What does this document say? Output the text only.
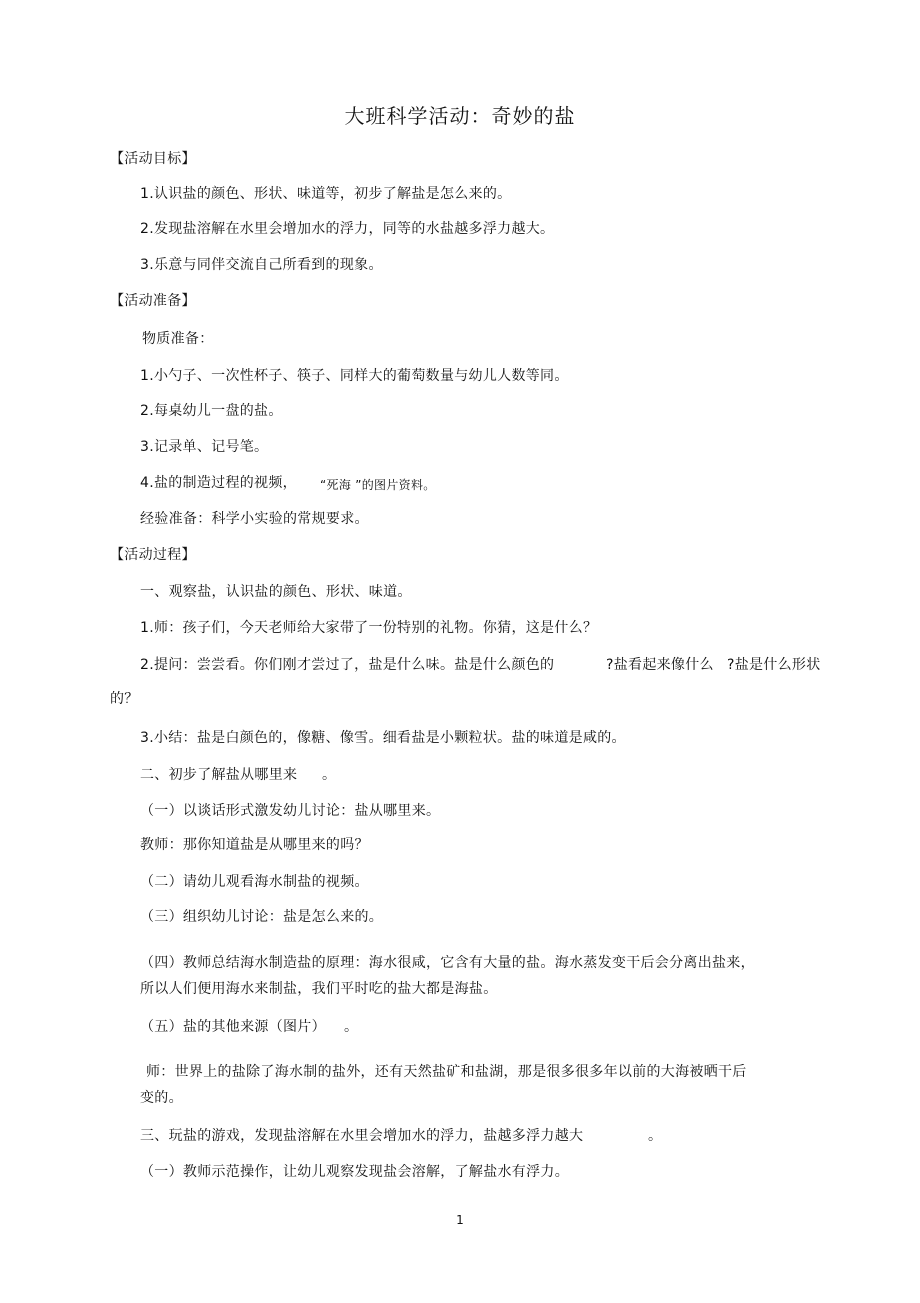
大班科学活动：奇妙的盐
【活动目标】
1.认识盐的颜色、形状、味道等，初步了解盐是怎么来的。
2.发现盐溶解在水里会增加水的浮力，同等的水盐越多浮力越大。
3.乐意与同伴交流自己所看到的现象。
【活动准备】
物质准备：
1.小勺子、一次性杯子、筷子、同样大的葡萄数量与幼儿人数等同。
2.每桌幼儿一盘的盐。
3.记录单、记号笔。
4.盐的制造过程的视频， “死海 ”的图片资料。
经验准备：科学小实验的常规要求。
【活动过程】
一、观察盐，认识盐的颜色、形状、味道。
1.师：孩子们，今天老师给大家带了一份特别的礼物。你猜，这是什么？
2.提问：尝尝看。你们刚才尝过了，盐是什么味。盐是什么颜色的	?盐看起来像什么 ?盐是什么形状
的？
3.小结：盐是白颜色的，像糖、像雪。细看盐是小颗粒状。盐的味道是咸的。
二、初步了解盐从哪里来 。
（一）以谈话形式激发幼儿讨论：盐从哪里来。
教师：那你知道盐是从哪里来的吗？
（二）请幼儿观看海水制盐的视频。
（三）组织幼儿讨论：盐是怎么来的。
（四）教师总结海水制造盐的原理：海水很咸，它含有大量的盐。海水蒸发变干后会分离出盐来，
所以人们便用海水来制盐，我们平时吃的盐大都是海盐。
（五）盐的其他来源（图片） 。
师：世界上的盐除了海水制的盐外，还有天然盐矿和盐湖，那是很多很多年以前的大海被晒干后
变的。
三、玩盐的游戏，发现盐溶解在水里会增加水的浮力，盐越多浮力越大	。
（一）教师示范操作，让幼儿观察发现盐会溶解，了解盐水有浮力。
1
